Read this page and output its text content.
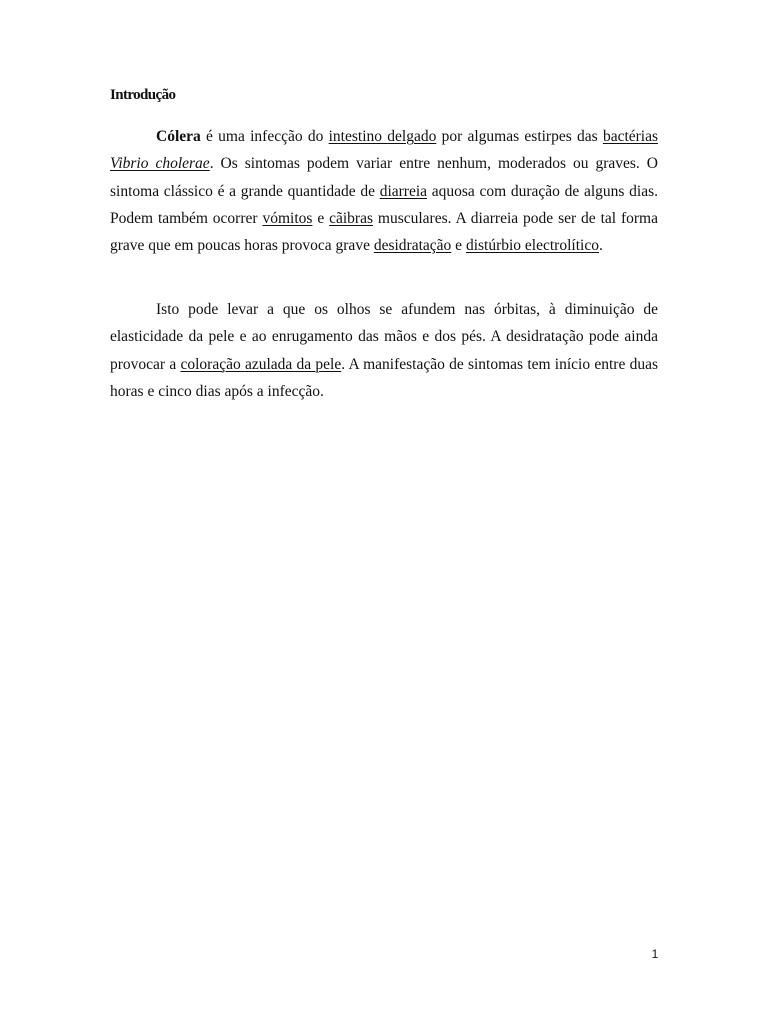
Introdução

Cólera é uma infecção do intestino delgado por algumas estirpes das bactérias Vibrio cholerae. Os sintomas podem variar entre nenhum, moderados ou graves. O sintoma clássico é a grande quantidade de diarreia aquosa com duração de alguns dias. Podem também ocorrer vómitos e cãibras musculares. A diarreia pode ser de tal forma grave que em poucas horas provoca grave desidratação e distúrbio electrolítico.

Isto pode levar a que os olhos se afundem nas órbitas, à diminuição de elasticidade da pele e ao enrugamento das mãos e dos pés. A desidratação pode ainda provocar a coloração azulada da pele. A manifestação de sintomas tem início entre duas horas e cinco dias após a infecção.

1
